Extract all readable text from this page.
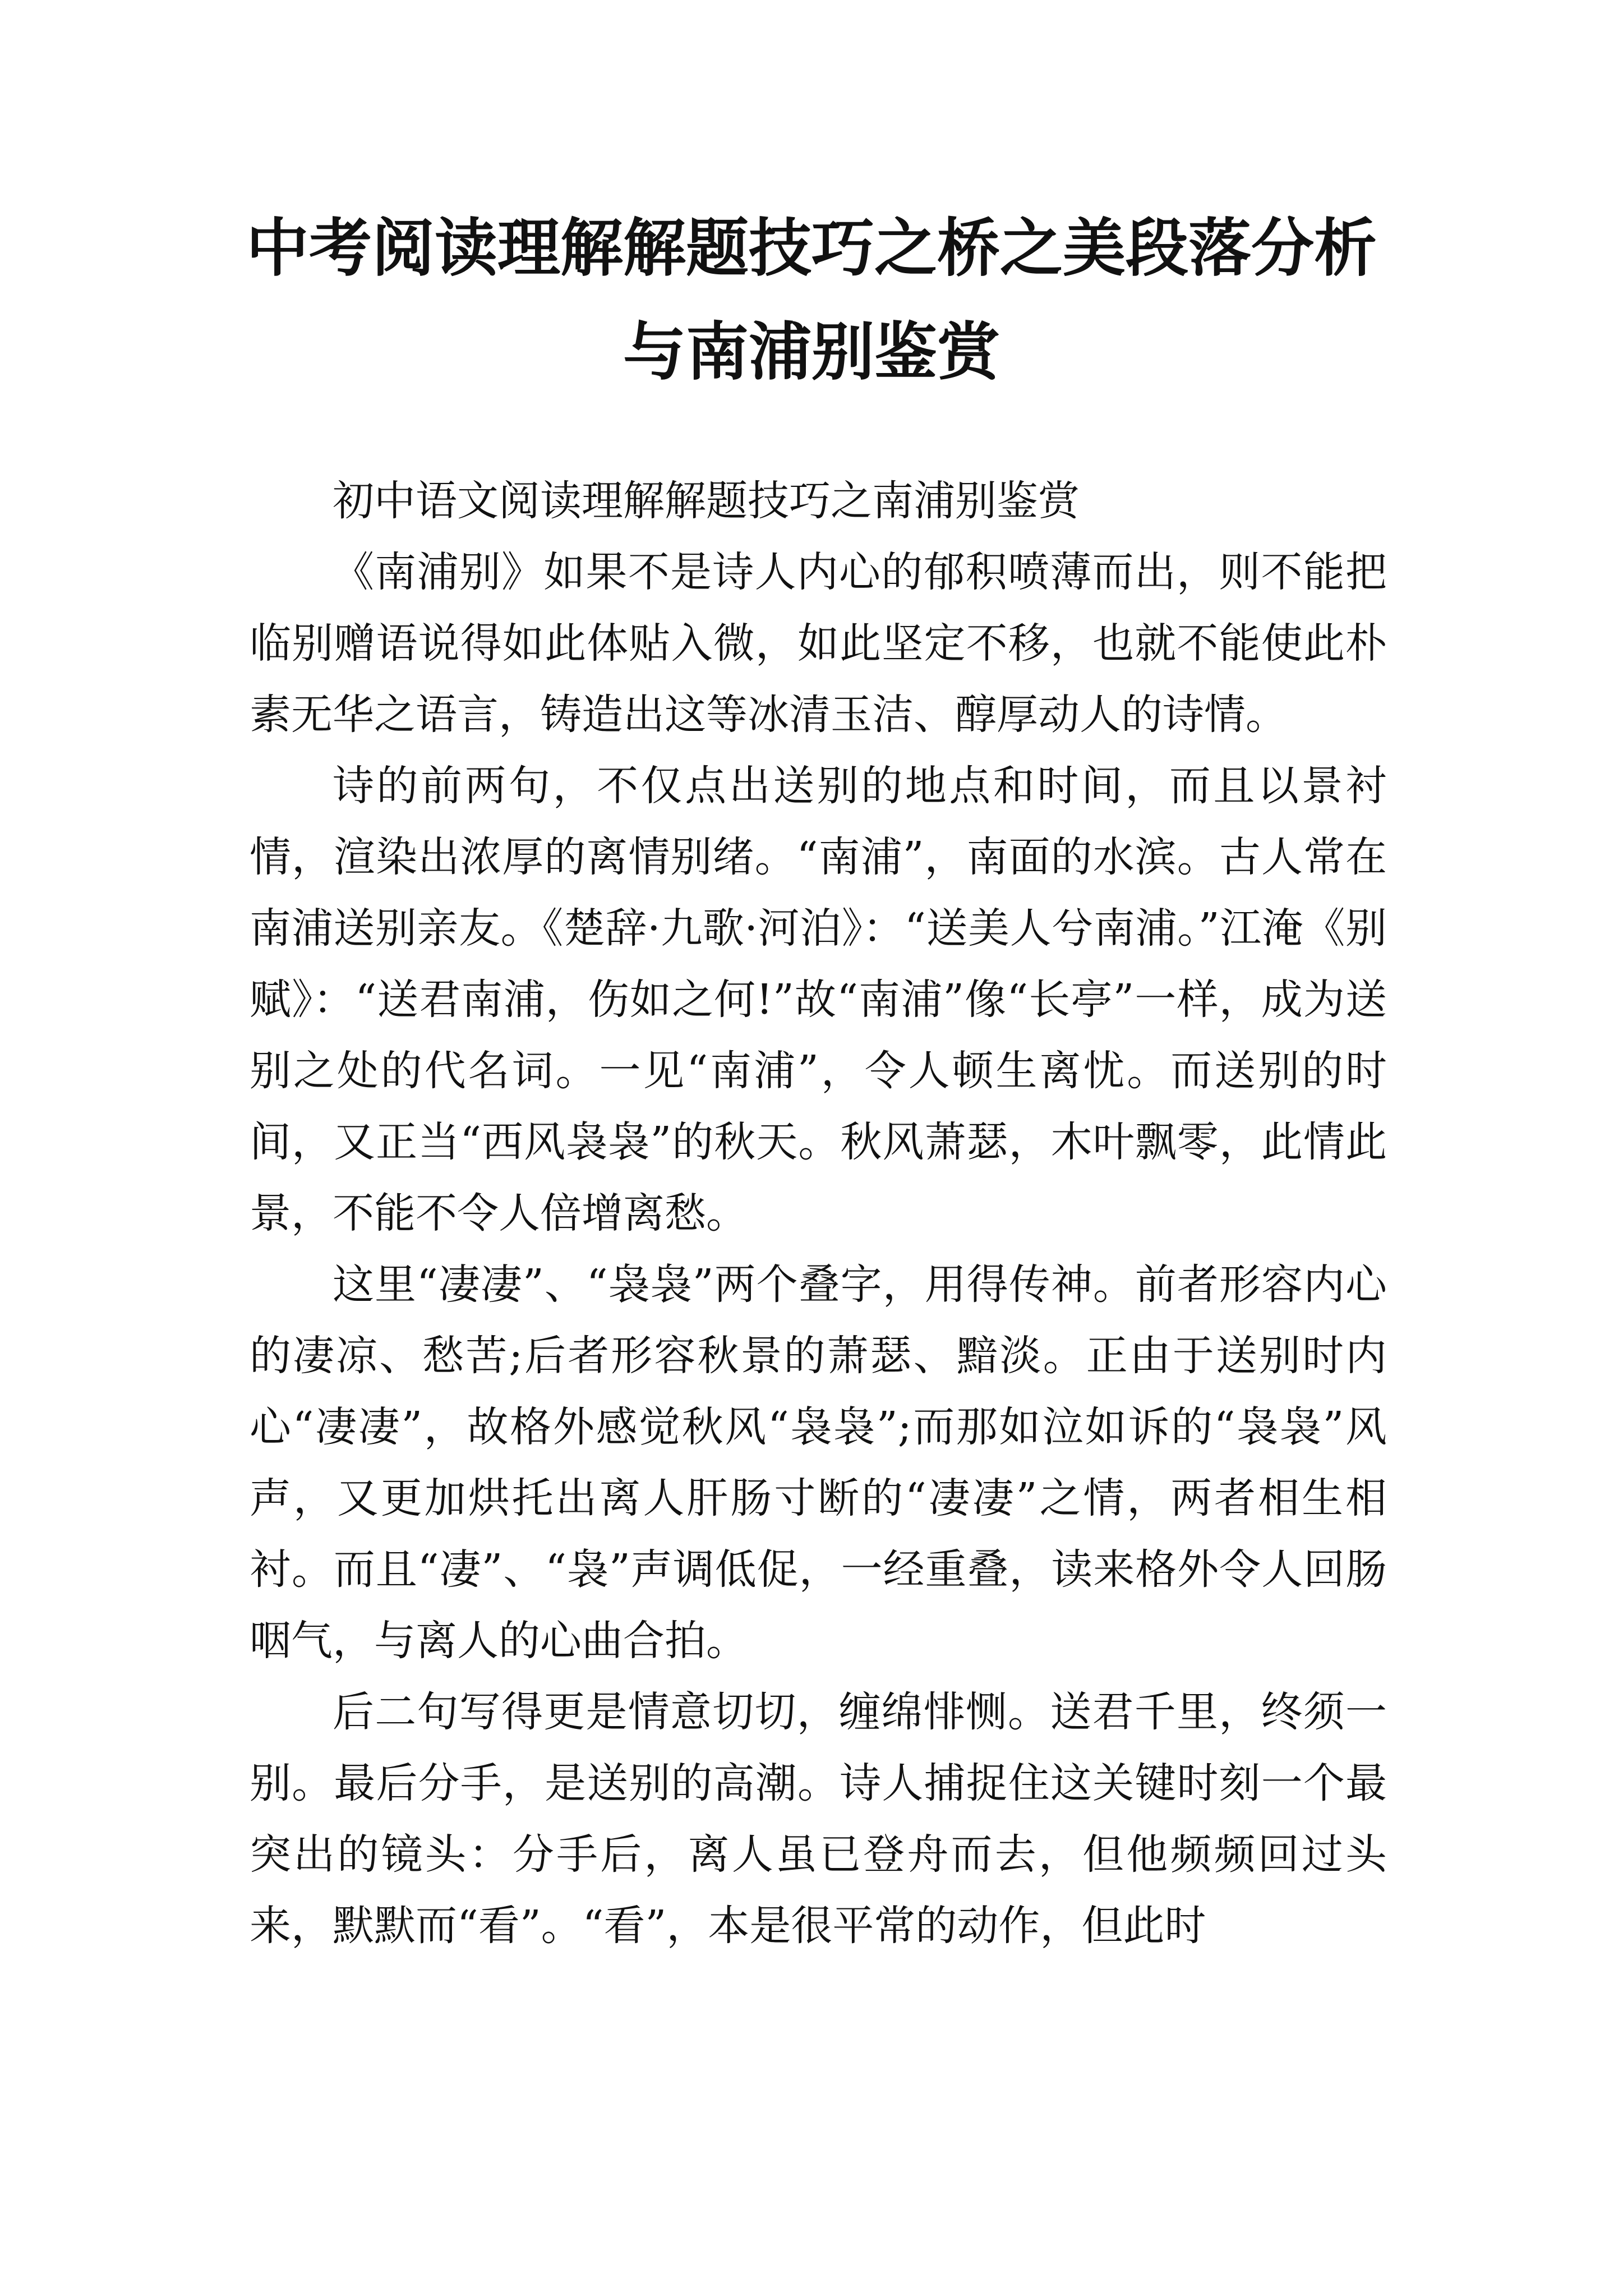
中考阅读理解解题技巧之桥之美段落分析
与南浦别鉴赏

初中语文阅读理解解题技巧之南浦别鉴赏

《南浦别》如果不是诗人内心的郁积喷薄而出，则不能把临别赠语说得如此体贴入微，如此坚定不移，也就不能使此朴素无华之语言，铸造出这等冰清玉洁、醇厚动人的诗情。

诗的前两句，不仅点出送别的地点和时间，而且以景衬情，渲染出浓厚的离情别绪。“南浦”，南面的水滨。古人常在南浦送别亲友。《楚辞·九歌·河泊》：“送美人兮南浦。”江淹《别赋》：“送君南浦，伤如之何!”故“南浦”像“长亭”一样，成为送别之处的代名词。一见“南浦”，令人顿生离忧。而送别的时间，又正当“西风袅袅”的秋天。秋风萧瑟，木叶飘零，此情此景，不能不令人倍增离愁。

这里“凄凄”、“袅袅”两个叠字，用得传神。前者形容内心的凄凉、愁苦;后者形容秋景的萧瑟、黯淡。正由于送别时内心“凄凄”，故格外感觉秋风“袅袅”;而那如泣如诉的“袅袅”风声，又更加烘托出离人肝肠寸断的“凄凄”之情，两者相生相衬。而且“凄”、“袅”声调低促，一经重叠，读来格外令人回肠咽气，与离人的心曲合拍。

后二句写得更是情意切切，缠绵悱恻。送君千里，终须一别。最后分手，是送别的高潮。诗人捕捉住这关键时刻一个最突出的镜头：分手后，离人虽已登舟而去，但他频频回过头来，默默而“看”。“看”，本是很平常的动作，但此时
